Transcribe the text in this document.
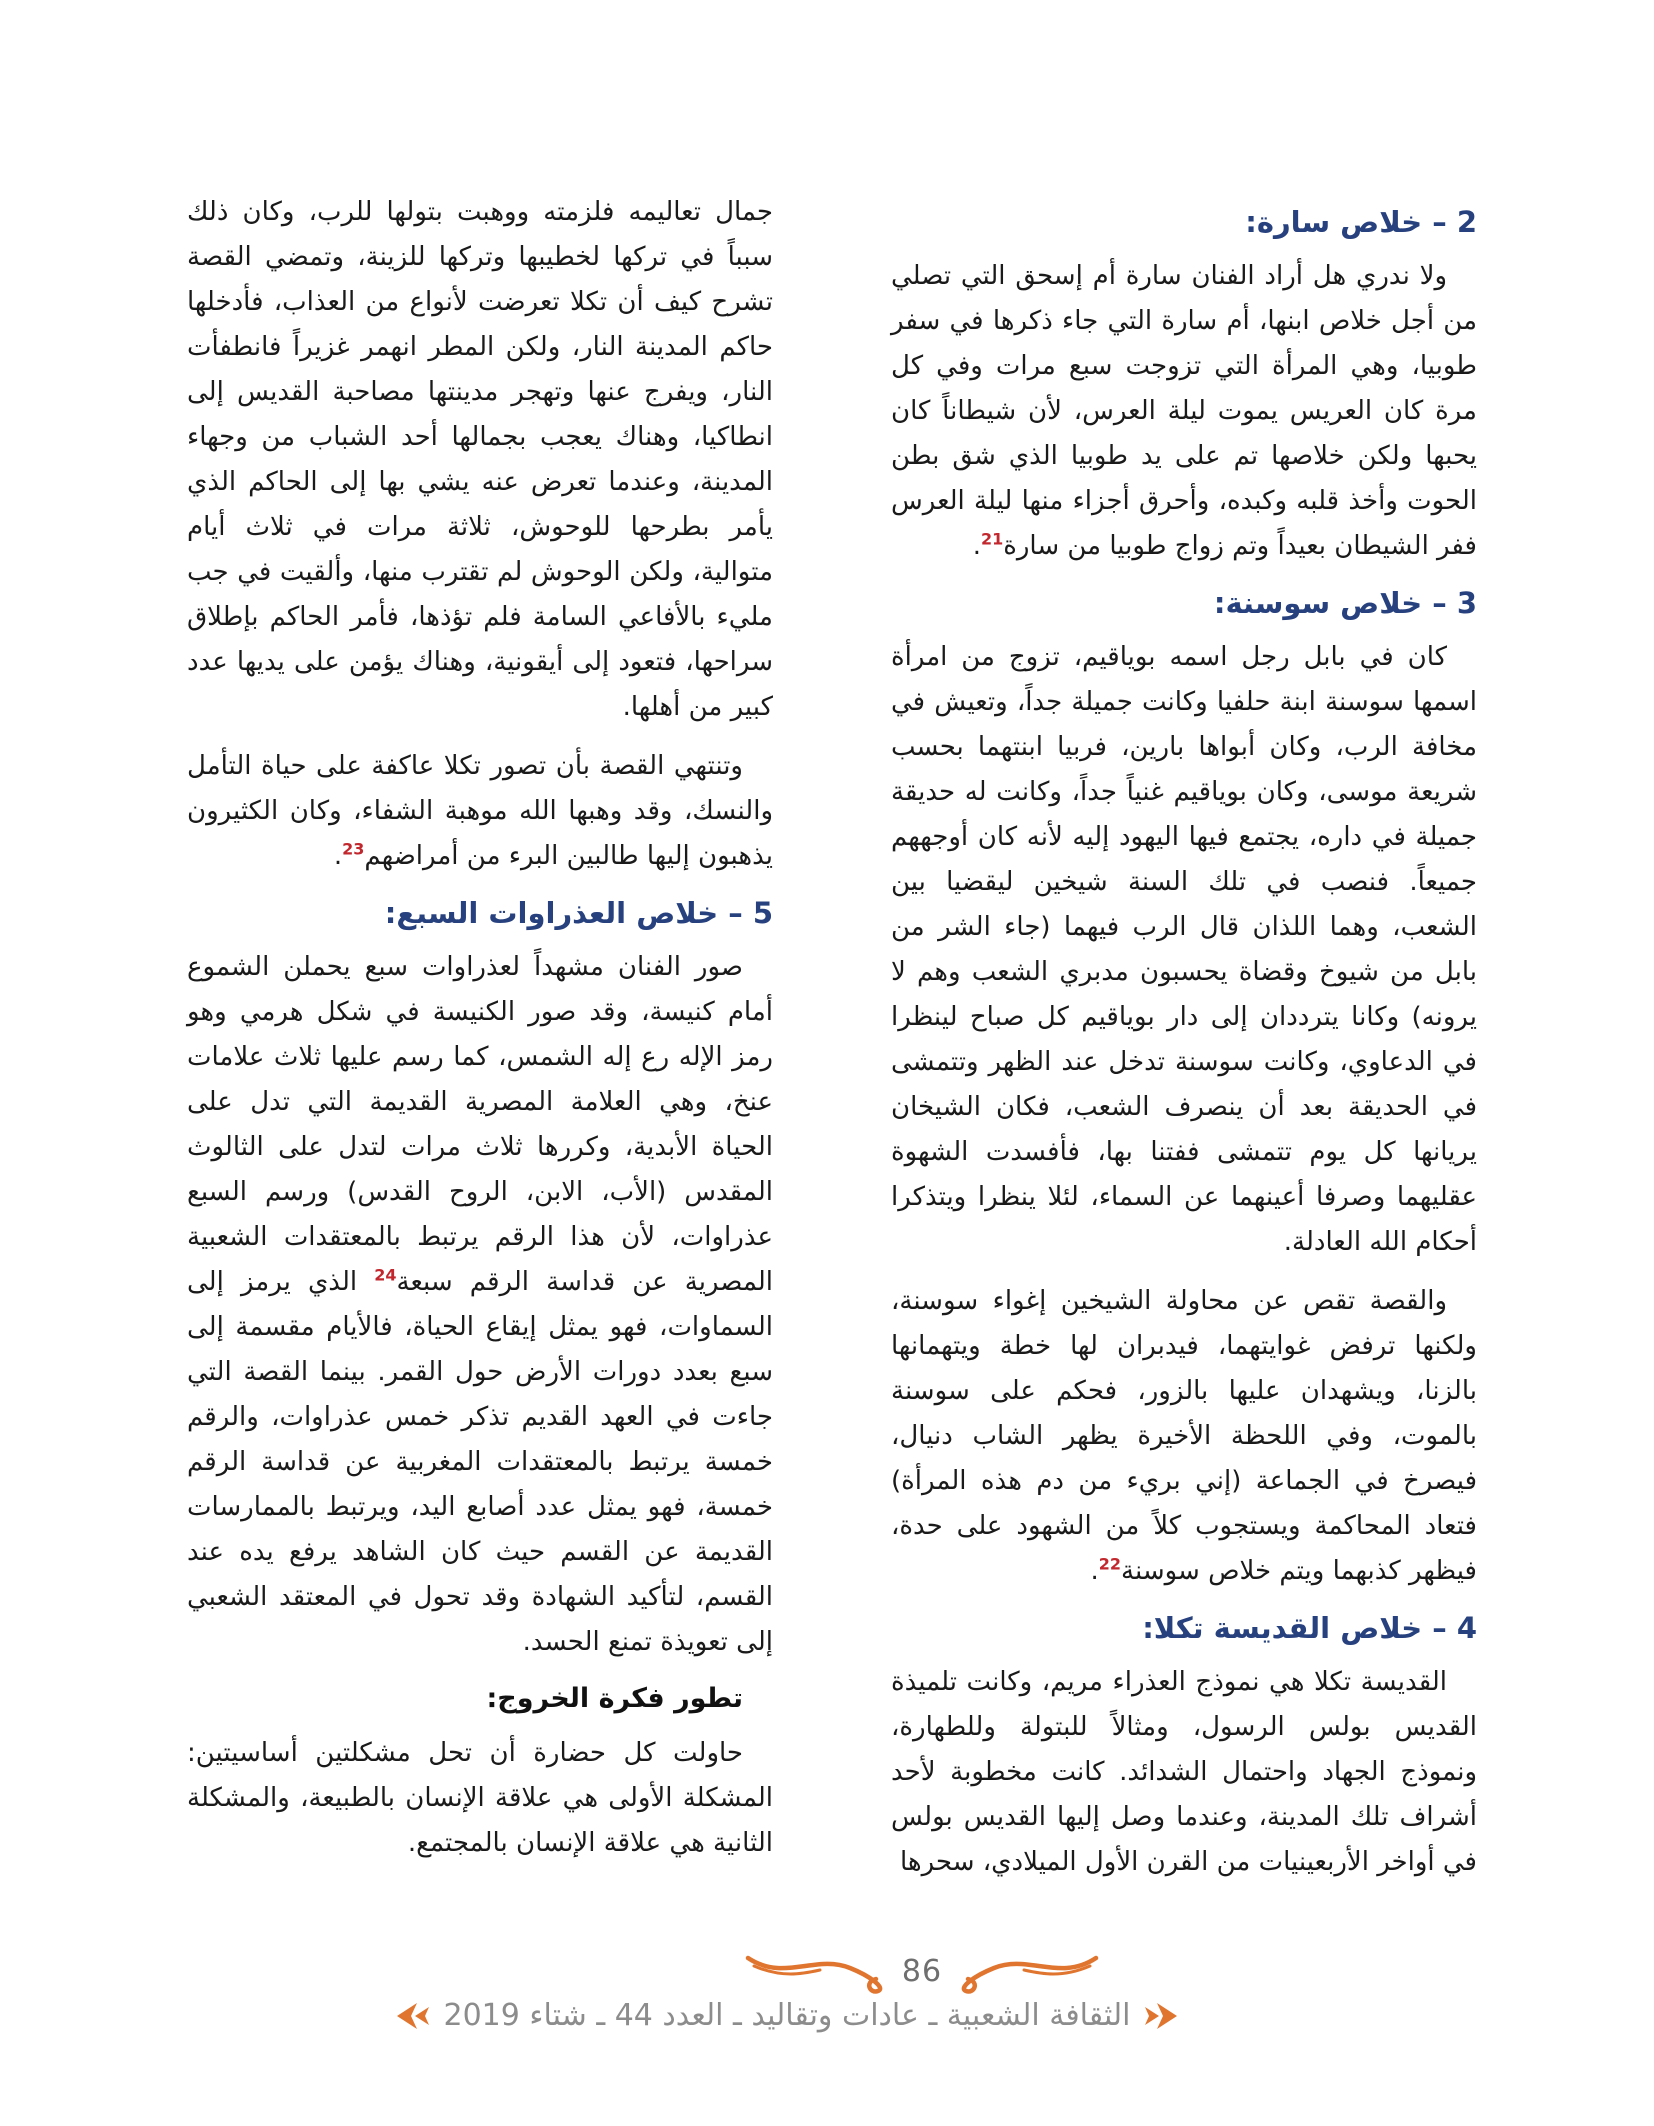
2 – خلاص سارة:

ولا ندري هل أراد الفنان سارة أم إسحق التي تصلي من أجل خلاص ابنها، أم سارة التي جاء ذكرها في سفر طوبيا، وهي المرأة التي تزوجت سبع مرات وفي كل مرة كان العريس يموت ليلة العرس، لأن شيطاناً كان يحبها ولكن خلاصها تم على يد طوبيا الذي شق بطن الحوت وأخذ قلبه وكبده، وأحرق أجزاء منها ليلة العرس ففر الشيطان بعيداً وتم زواج طوبيا من سارة$^{21}$.

3 – خلاص سوسنة:

كان في بابل رجل اسمه بوياقيم، تزوج من امرأة اسمها سوسنة ابنة حلفيا وكانت جميلة جداً، وتعيش في مخافة الرب، وكان أبواها بارين، فربيا ابنتهما بحسب شريعة موسى، وكان بوياقيم غنياً جداً، وكانت له حديقة جميلة في داره، يجتمع فيها اليهود إليه لأنه كان أوجههم جميعاً. فنصب في تلك السنة شيخين ليقضيا بين الشعب، وهما اللذان قال الرب فيهما (جاء الشر من بابل من شيوخ وقضاة يحسبون مدبري الشعب وهم لا يرونه) وكانا يترددان إلى دار بوياقيم كل صباح لينظرا في الدعاوي، وكانت سوسنة تدخل عند الظهر وتتمشى في الحديقة بعد أن ينصرف الشعب، فكان الشيخان يريانها كل يوم تتمشى ففتنا بها، فأفسدت الشهوة عقليهما وصرفا أعينهما عن السماء، لئلا ينظرا ويتذكرا أحكام الله العادلة.

والقصة تقص عن محاولة الشيخين إغواء سوسنة، ولكنها ترفض غوايتهما، فيدبران لها خطة ويتهمانها بالزنا، ويشهدان عليها بالزور، فحكم على سوسنة بالموت، وفي اللحظة الأخيرة يظهر الشاب دنيال، فيصرخ في الجماعة (إني بريء من دم هذه المرأة) فتعاد المحاكمة ويستجوب كلاً من الشهود على حدة، فيظهر كذبهما ويتم خلاص سوسنة$^{22}$.

4 – خلاص القديسة تكلا:

القديسة تكلا هي نموذج العذراء مريم، وكانت تلميذة القديس بولس الرسول، ومثالاً للبتولة وللطهارة، ونموذج الجهاد واحتمال الشدائد. كانت مخطوبة لأحد أشراف تلك المدينة، وعندما وصل إليها القديس بولس في أواخر الأربعينيات من القرن الأول الميلادي، سحرها

جمال تعاليمه فلزمته ووهبت بتولها للرب، وكان ذلك سبباً في تركها لخطيبها وتركها للزينة، وتمضي القصة تشرح كيف أن تكلا تعرضت لأنواع من العذاب، فأدخلها حاكم المدينة النار، ولكن المطر انهمر غزيراً فانطفأت النار، ويفرج عنها وتهجر مدينتها مصاحبة القديس إلى انطاكيا، وهناك يعجب بجمالها أحد الشباب من وجهاء المدينة، وعندما تعرض عنه يشي بها إلى الحاكم الذي يأمر بطرحها للوحوش، ثلاثة مرات في ثلاث أيام متوالية، ولكن الوحوش لم تقترب منها، وألقيت في جب مليء بالأفاعي السامة فلم تؤذها، فأمر الحاكم بإطلاق سراحها، فتعود إلى أيقونية، وهناك يؤمن على يديها عدد كبير من أهلها.

وتنتهي القصة بأن تصور تكلا عاكفة على حياة التأمل والنسك، وقد وهبها الله موهبة الشفاء، وكان الكثيرون يذهبون إليها طالبين البرء من أمراضهم$^{23}$.

5 – خلاص العذراوات السبع:

صور الفنان مشهداً لعذراوات سبع يحملن الشموع أمام كنيسة، وقد صور الكنيسة في شكل هرمي وهو رمز الإله رع إله الشمس، كما رسم عليها ثلاث علامات عنخ، وهي العلامة المصرية القديمة التي تدل على الحياة الأبدية، وكررها ثلاث مرات لتدل على الثالوث المقدس (الأب، الابن، الروح القدس) ورسم السبع عذراوات، لأن هذا الرقم يرتبط بالمعتقدات الشعبية المصرية عن قداسة الرقم سبعة$^{24}$ الذي يرمز إلى السماوات، فهو يمثل إيقاع الحياة، فالأيام مقسمة إلى سبع بعدد دورات الأرض حول القمر. بينما القصة التي جاءت في العهد القديم تذكر خمس عذراوات، والرقم خمسة يرتبط بالمعتقدات المغربية عن قداسة الرقم خمسة، فهو يمثل عدد أصابع اليد، ويرتبط بالممارسات القديمة عن القسم حيث كان الشاهد يرفع يده عند القسم، لتأكيد الشهادة وقد تحول في المعتقد الشعبي إلى تعويذة تمنع الحسد.

تطور فكرة الخروج:

حاولت كل حضارة أن تحل مشكلتين أساسيتين: المشكلة الأولى هي علاقة الإنسان بالطبيعة، والمشكلة الثانية هي علاقة الإنسان بالمجتمع.

86
الثقافة الشعبية ـ عادات وتقاليد ـ العدد 44 ـ شتاء 2019
